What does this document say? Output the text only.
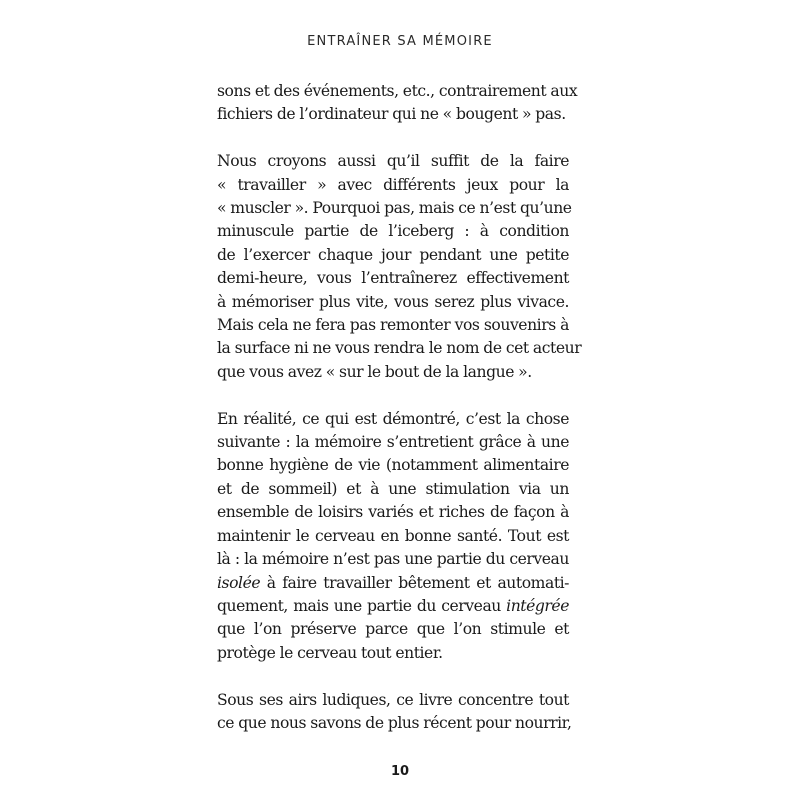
ENTRAÎNER SA MÉMOIRE

sons et des événements, etc., contrairement aux
fichiers de l’ordinateur qui ne « bougent » pas.

Nous croyons aussi qu’il suffit de la faire
« travailler » avec différents jeux pour la
« muscler ». Pourquoi pas, mais ce n’est qu’une
minuscule partie de l’iceberg : à condition
de l’exercer chaque jour pendant une petite
demi-heure, vous l’entraînerez effectivement
à mémoriser plus vite, vous serez plus vivace.
Mais cela ne fera pas remonter vos souvenirs à
la surface ni ne vous rendra le nom de cet acteur
que vous avez « sur le bout de la langue ».

En réalité, ce qui est démontré, c’est la chose
suivante : la mémoire s’entretient grâce à une
bonne hygiène de vie (notamment alimentaire
et de sommeil) et à une stimulation via un
ensemble de loisirs variés et riches de façon à
maintenir le cerveau en bonne santé. Tout est
là : la mémoire n’est pas une partie du cerveau
isolée à faire travailler bêtement et automati-
quement, mais une partie du cerveau intégrée
que l’on préserve parce que l’on stimule et
protège le cerveau tout entier.

Sous ses airs ludiques, ce livre concentre tout
ce que nous savons de plus récent pour nourrir,

10
